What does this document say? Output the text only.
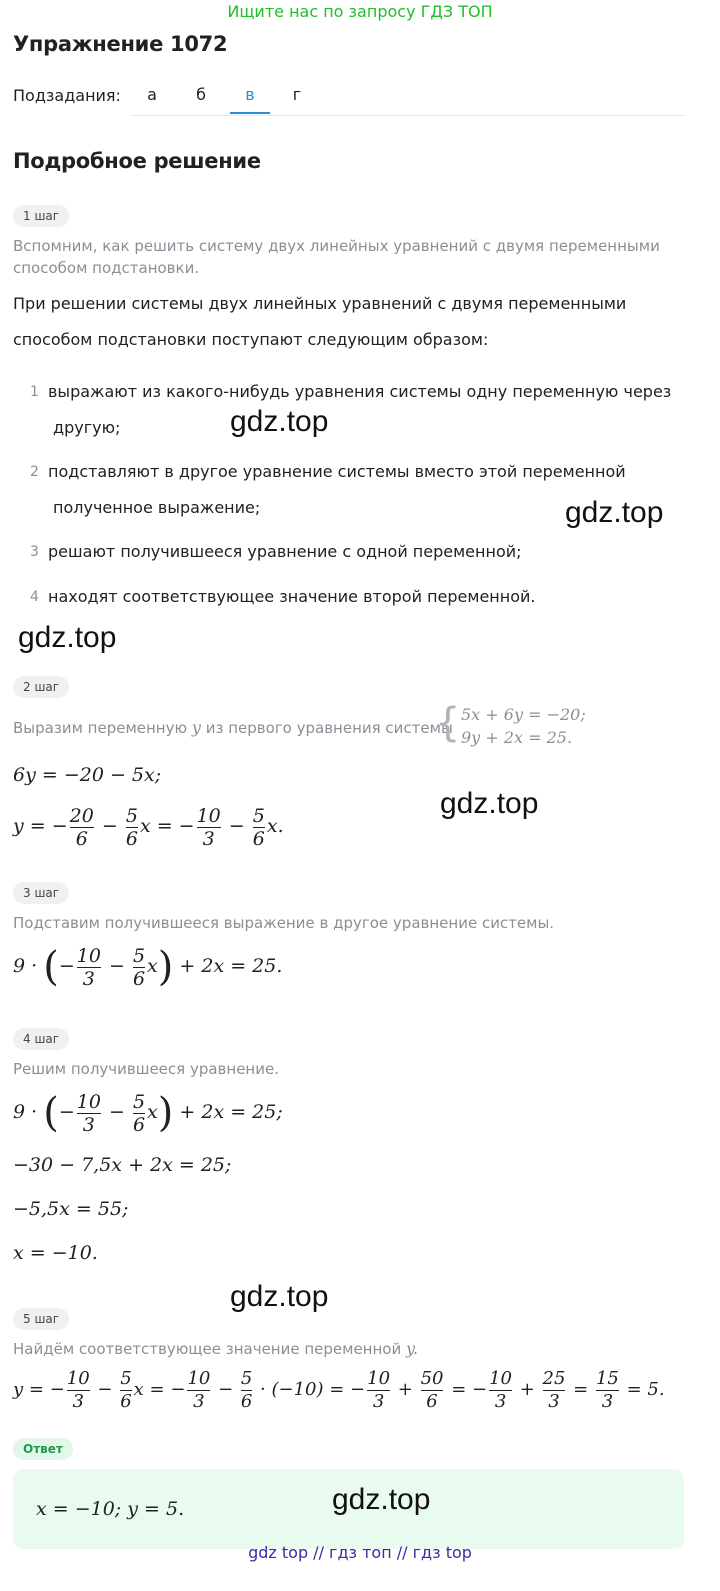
Ищите нас по запросу ГДЗ ТОП
Упражнение 1072
Подзадания:	а	б	в	г
Подробное решение
1 шаг
Вспомним, как решить систему двух линейных уравнений с двумя переменными
способом подстановки.
При решении системы двух линейных уравнений с двумя переменными
способом подстановки поступают следующим образом:
1 выражают из какого-нибудь уравнения системы одну переменную через
другую;
2 подставляют в другое уравнение системы вместо этой переменной
полученное выражение;
3 решают получившееся уравнение с одной переменной;
4 находят соответствующее значение второй переменной.
gdz.top
gdz.top
gdz.top
gdz.top
gdz.top
2 шаг
Выразим переменную y из первого уравнения системы
{ 5x + 6y = −20;
9y + 2x = 25.
6y = −20 − 5x;
y = − $\frac{20}{6} - \frac{5}{6}$ x = − $\frac{10}{3} - \frac{5}{6} x$.
3 шаг
Подставим получившееся выражение в другое уравнение системы.
9 · (− $\frac{10}{3} - \frac{5}{6} x) + 2x = 25$.
4 шаг
Решим получившееся уравнение.
9 · (− $\frac{10}{3} - \frac{5}{6} x) + 2x = 25$;
−30 − 7,5x + 2x = 25;
−5,5x = 55;
x = −10.
5 шаг
Найдём соответствующее значение переменной y.
y = − $\frac{10}{3} - \frac{5}{6}$ x = − $\frac{10}{3} - \frac{5}{6} \cdot (-10)$ = − $\frac{10}{3} + \frac{50}{6}$ = − $\frac{10}{3} + \frac{25}{3} = \frac{15}{3} = 5$.
Ответ
x = −10; y = 5.	gdz.top
gdz top // гдз топ // гдз top
